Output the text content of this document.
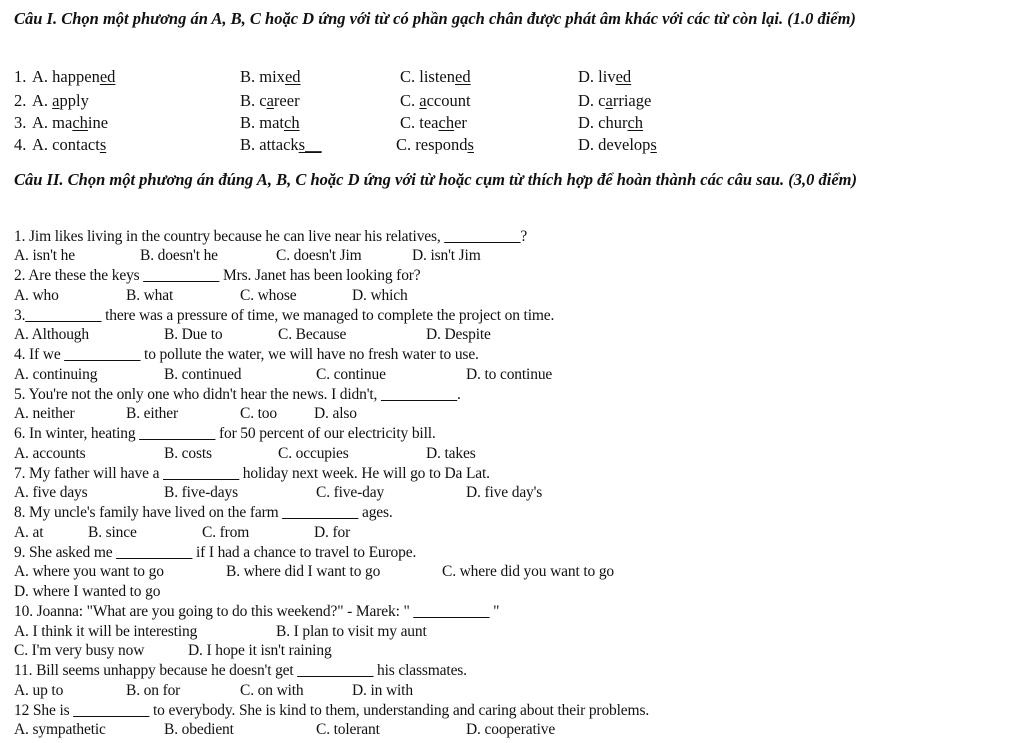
Câu I. Chọn một phương án A, B, C hoặc D ứng với từ có phần gạch chân được phát âm khác với các từ còn lại. (1.0 điểm)
1. A. happened	B. mixed	C. listened	D. lived
2. A. apply	B. career	C. account	D. carriage
3. A. machine	B. match	C. teacher	D. church
4. A. contacts	B. attacks__	C. responds	D. develops
Câu II. Chọn một phương án đúng A, B, C hoặc D ứng với từ hoặc cụm từ thích hợp để hoàn thành các câu sau. (3,0 điểm)
1. Jim likes living in the country because he can live near his relatives, __________?
A. isn't he	B. doesn't he	C. doesn't Jim	D. isn't Jim
2. Are these the keys __________ Mrs. Janet has been looking for?
A. who	B. what	C. whose	D. which
3.__________ there was a pressure of time, we managed to complete the project on time.
A. Although	B. Due to	C. Because	D. Despite
4. If we __________ to pollute the water, we will have no fresh water to use.
A. continuing	B. continued	C. continue	D. to continue
5. You're not the only one who didn't hear the news. I didn't, __________.
A. neither	B. either	C. too D. also
6. In winter, heating __________ for 50 percent of our electricity bill.
A. accounts	B. costs	C. occupies	D. takes
7. My father will have a __________ holiday next week. He will go to Da Lat.
A. five days	B. five-days	C. five-day	D. five day's
8. My uncle's family have lived on the farm __________ ages.
A. at	B. since	C. from	D. for
9. She asked me __________ if I had a chance to travel to Europe.
A. where you want to go	B. where did I want to go	C. where did you want to go
D. where I wanted to go
10. Joanna: "What are you going to do this weekend?" - Marek: " __________ "
A. I think it will be interesting	B. I plan to visit my aunt
C. I'm very busy now	D. I hope it isn't raining
11. Bill seems unhappy because he doesn't get __________ his classmates.
A. up to	B. on for	C. on with	D. in with
12 She is __________ to everybody. She is kind to them, understanding and caring about their problems.
A. sympathetic	B. obedient	C. tolerant	D. cooperative
